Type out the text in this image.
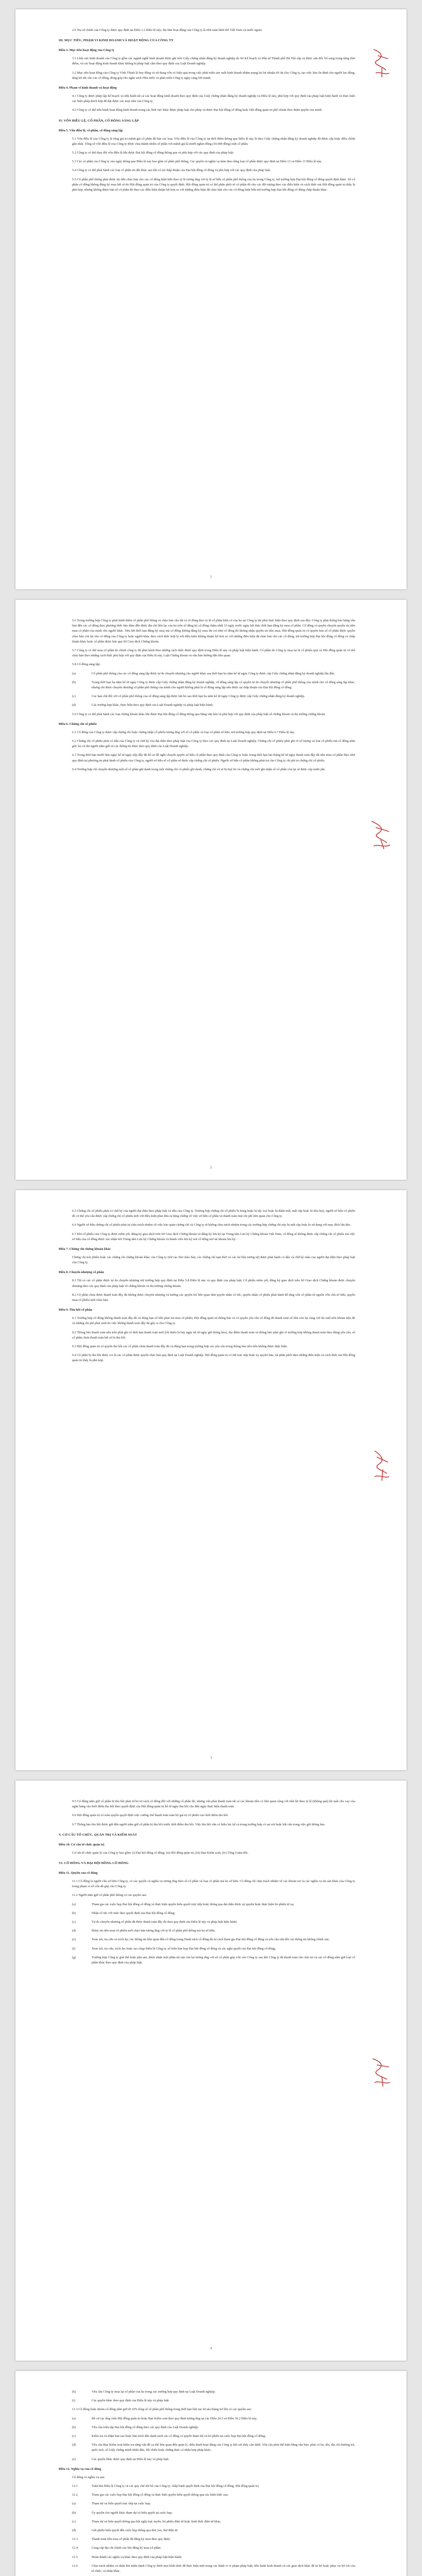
2.6 Trụ sở chính của Công ty được quy định tại Điều 1.2 Điều lệ này; địa bàn hoạt động của Công ty là trên toàn lãnh thổ Việt Nam và nước ngoài.

III. MỤC TIÊU, PHẠM VI KINH DOANH VÀ HOẠT ĐỘNG CỦA CÔNG TY
Điều 3. Mục tiêu hoạt động của Công ty

3.1 Lĩnh vực kinh doanh của Công ty gồm các ngành nghề kinh doanh được ghi trên Giấy chứng nhận đăng ký doanh nghiệp do Sở Kế hoạch và Đầu tư Thành phố Hà Nội cấp và được sửa đổi, bổ sung trong từng thời điểm, và các hoạt động kinh doanh khác không bị pháp luật cấm theo quy định của Luật Doanh nghiệp.

3.2 Mục tiêu hoạt động của Công ty Vĩnh Thịnh là huy động và sử dụng vốn có hiệu quả trong việc phát triển sản xuất kinh doanh nhằm mang lại lợi nhuận tối đa cho Công ty, tạo việc làm ổn định cho người lao động, tăng lợi tức cho các cổ đông, đóng góp cho ngân sách Nhà nước và phát triển Công ty ngày càng lớn mạnh.

Điều 4. Phạm vi kinh doanh và hoạt động

4.1 Công ty được phép lập kế hoạch và tiến hành tất cả các hoạt động kinh doanh theo quy định của Giấy chứng nhận đăng ký doanh nghiệp và Điều lệ này, phù hợp với quy định của pháp luật hiện hành và thực hiện các biện pháp thích hợp để đạt được các mục tiêu của Công ty.

4.2 Công ty có thể tiến hành hoạt động kinh doanh trong các lĩnh vực khác được pháp luật cho phép và được Đại hội đồng cổ đông hoặc Hội đồng quản trị phê chuẩn theo thẩm quyền của mình.

IV. VỐN ĐIỀU LỆ, CỔ PHẦN, CỔ ĐÔNG SÁNG LẬP
Điều 5. Vốn điều lệ, cổ phần, cổ đông sáng lập

5.1 Vốn điều lệ của Công ty là tổng giá trị mệnh giá cổ phần đã bán các loại. Vốn điều lệ của Công ty tại thời điểm thông qua Điều lệ này là theo Giấy chứng nhận đăng ký doanh nghiệp đã được cấp hoặc điều chỉnh gần nhất. Tổng số vốn điều lệ của Công ty được chia thành nhiều cổ phần với mệnh giá là mười nghìn đồng (10.000 đồng) một cổ phần.

5.2 Công ty có thể thay đổi vốn điều lệ khi được Đại hội đồng cổ đông thông qua và phù hợp với các quy định của pháp luật.

5.3 Các cổ phần của Công ty vào ngày thông qua Điều lệ này bao gồm cổ phần phổ thông. Các quyền và nghĩa vụ kèm theo từng loại cổ phần được quy định tại Điều 12 và Điều 13 Điều lệ này.

5.4 Công ty có thể phát hành các loại cổ phần ưu đãi khác sau khi có sự chấp thuận của Đại hội đồng cổ đông và phù hợp với các quy định của pháp luật.

5.5 Cổ phần phổ thông phải được ưu tiên chào bán cho các cổ đông hiện hữu theo tỷ lệ tương ứng với tỷ lệ sở hữu cổ phần phổ thông của họ trong Công ty, trừ trường hợp Đại hội đồng cổ đông quyết định khác. Số cổ phần cổ đông không đăng ký mua hết sẽ do Hội đồng quản trị của Công ty quyết định. Hội đồng quản trị có thể phân phối số cổ phần đó cho các đối tượng theo các điều kiện và cách thức mà Hội đồng quản trị thấy là phù hợp, nhưng không được bán số cổ phần đó theo các điều kiện thuận lợi hơn so với những điều kiện đã chào bán cho các cổ đông hiện hữu trừ trường hợp Đại hội đồng cổ đông chấp thuận khác.

1

5.6 Trong trường hợp Công ty phát hành thêm cổ phần phổ thông và chào bán cho tất cả cổ đông theo tỷ lệ cổ phần hiện có của họ tại Công ty thì phải thực hiện theo quy định sau đây: Công ty phải thông báo bằng văn bản đến các cổ đông theo phương thức bảo đảm đến được địa chỉ liên lạc của họ trên sổ đăng ký cổ đông chậm nhất 15 ngày trước ngày kết thúc thời hạn đăng ký mua cổ phần. Cổ đông có quyền chuyển quyền ưu tiên mua cổ phần của mình cho người khác. Nếu hết thời hạn đăng ký mua mà cổ đông không đăng ký mua thì coi như cổ đông đó không nhận quyền ưu tiên mua, Hội đồng quản trị có quyền bán số cổ phần được quyền chào bán còn lại cho cổ đông của Công ty hoặc người khác theo cách thức hợp lý với điều kiện không thuận lợi hơn so với những điều kiện đã chào bán cho các cổ đông, trừ trường hợp Đại hội đồng cổ đông có chấp thuận khác hoặc cổ phần được bán qua Sở Giao dịch Chứng khoán.

5.7 Công ty có thể mua cổ phần do chính công ty đã phát hành theo những cách thức được quy định trong Điều lệ này và pháp luật hiện hành. Cổ phần do Công ty mua lại là cổ phiếu quỹ và Hội đồng quản trị có thể chào bán theo những cách thức phù hợp với quy định của Điều lệ này, Luật Chứng khoán và văn bản hướng dẫn liên quan.

5.8 Cổ đông sáng lập:

(a)	Cổ phần phổ thông của các cổ đông sáng lập được tự do chuyển nhượng cho người khác sau thời hạn ba năm kể từ ngày Công ty được cấp Giấy chứng nhận đăng ký doanh nghiệp lần đầu.
(b)	Trong thời hạn ba năm kể từ ngày Công ty được cấp Giấy chứng nhận đăng ký doanh nghiệp, cổ đông sáng lập có quyền tự do chuyển nhượng cổ phần phổ thông của mình cho cổ đông sáng lập khác, nhưng chỉ được chuyển nhượng cổ phần phổ thông của mình cho người không phải là cổ đông sáng lập nếu được sự chấp thuận của Đại hội đồng cổ đông.
(c)	Các hạn chế đối với cổ phần phổ thông của cổ đông sáng lập được bãi bỏ sau thời hạn ba năm kể từ ngày Công ty được cấp Giấy chứng nhận đăng ký doanh nghiệp.
(d)	Các trường hợp khác, thực hiện theo quy định của Luật Doanh nghiệp và pháp luật hiện hành.

5.9 Công ty có thể phát hành các loại chứng khoán khác khi được Đại hội đồng cổ đông thông qua bằng văn bản và phù hợp với quy định của pháp luật về chứng khoán và thị trường chứng khoán.

Điều 6. Chứng chỉ cổ phiếu

6.1 Cổ đông của Công ty được cấp chứng chỉ hoặc chứng nhận cổ phiếu tương ứng với số cổ phần và loại cổ phần sở hữu, trừ trường hợp quy định tại Điều 6.7 Điều lệ này.

6.2 Chứng chỉ cổ phiếu phải có dấu của Công ty và chữ ký của đại diện theo pháp luật của Công ty theo các quy định tại Luật Doanh nghiệp. Chứng chỉ cổ phiếu phải ghi rõ số lượng và loại cổ phiếu mà cổ đông nắm giữ, họ và tên người nắm giữ và các thông tin khác theo quy định của Luật Doanh nghiệp.

6.3 Trong thời hạn mười lăm ngày kể từ ngày nộp đầy đủ hồ sơ đề nghị chuyển quyền sở hữu cổ phần theo quy định của Công ty hoặc trong thời hạn hai tháng kể từ ngày thanh toán đầy đủ tiền mua cổ phần theo như quy định tại phương án phát hành cổ phiếu của Công ty, người sở hữu số cổ phần sẽ được cấp chứng chỉ cổ phiếu. Người sở hữu cổ phần không phải trả cho Công ty chi phí in chứng chỉ cổ phiếu.

6.4 Trường hợp chỉ chuyển nhượng một số cổ phần ghi danh trong một chứng chỉ cổ phiếu ghi danh, chứng chỉ cũ sẽ bị huỷ bỏ và chứng chỉ mới ghi nhận số cổ phần còn lại sẽ được cấp miễn phí.

2

6.5 Chứng chỉ cổ phiếu phải có chữ ký của người đại diện theo pháp luật và dấu của Công ty. Trường hợp chứng chỉ cổ phiếu bị hỏng hoặc bị tẩy xoá hoặc bị đánh mất, mất cắp hoặc bị tiêu huỷ, người sở hữu cổ phiếu đó có thể yêu cầu được cấp chứng chỉ cổ phiếu mới với điều kiện phải đưa ra bằng chứng về việc sở hữu cổ phần và thanh toán mọi chi phí liên quan cho Công ty.

6.6 Người sở hữu chứng chỉ cổ phiếu phải tự chịu trách nhiệm về việc bảo quản chứng chỉ và Công ty sẽ không chịu trách nhiệm trong các trường hợp chứng chỉ này bị mất cắp hoặc bị sử dụng với mục đích lừa đảo.

6.7 Khi cổ phiếu của Công ty được niêm yết, đăng ký giao dịch trên Sở Giao dịch Chứng khoán và đăng ký lưu ký tại Trung tâm Lưu ký Chứng khoán Việt Nam, cổ đông sẽ không được cấp chứng chỉ cổ phiếu mà việc sở hữu của cổ đông được xác nhận bởi Trung tâm Lưu ký Chứng khoán và thành viên lưu ký nơi cổ đông mở tài khoản lưu ký.

Điều 7. Chứng chỉ chứng khoán khác

Chứng chỉ trái phiếu hoặc các chứng chỉ chứng khoán khác của Công ty (trừ các thư chào bán, các chứng chỉ tạm thời và các tài liệu tương tự) được phát hành có dấu và chữ ký mẫu của người đại diện theo pháp luật của Công ty.

Điều 8. Chuyển nhượng cổ phần

8.1 Tất cả các cổ phần được tự do chuyển nhượng trừ trường hợp quy định tại Điều 5.8 Điều lệ này và quy định của pháp luật. Cổ phiếu niêm yết, đăng ký giao dịch trên Sở Giao dịch Chứng khoán được chuyển nhượng theo các quy định của pháp luật về chứng khoán và thị trường chứng khoán.

8.2 Cổ phần chưa được thanh toán đầy đủ không được chuyển nhượng và hưởng các quyền lợi liên quan như quyền nhận cổ tức, quyền nhận cổ phiếu phát hành để tăng vốn cổ phần từ nguồn vốn chủ sở hữu, quyền mua cổ phiếu mới chào bán.

Điều 9. Thu hồi cổ phần

9.1 Trường hợp cổ đông không thanh toán đầy đủ và đúng hạn số tiền phải trả mua cổ phiếu, Hội đồng quản trị thông báo và có quyền yêu cầu cổ đông đó thanh toán số tiền còn lại cùng với lãi suất trên khoản tiền đó và những chi phí phát sinh do việc không thanh toán đầy đủ gây ra cho Công ty.

9.2 Thông báo thanh toán nêu trên phải ghi rõ thời hạn thanh toán mới (tối thiểu là bảy ngày kể từ ngày gửi thông báo), địa điểm thanh toán và thông báo phải ghi rõ trường hợp không thanh toán theo đúng yêu cầu, số cổ phần chưa thanh toán hết sẽ bị thu hồi.

9.3 Hội đồng quản trị có quyền thu hồi các cổ phần chưa thanh toán đầy đủ và đúng hạn trong trường hợp các yêu cầu trong thông báo nêu trên không được thực hiện.

9.4 Cổ phần bị thu hồi được coi là các cổ phần được quyền chào bán quy định tại Luật Doanh nghiệp. Hội đồng quản trị có thể trực tiếp hoặc ủy quyền bán, tái phân phối theo những điều kiện và cách thức mà Hội đồng quản trị thấy là phù hợp.

3

9.5 Cổ đông nắm giữ cổ phần bị thu hồi phải từ bỏ tư cách cổ đông đối với những cổ phần đó, nhưng vẫn phải thanh toán tất cả các khoản tiền có liên quan cộng với tiền lãi theo tỷ lệ (không quá) lãi suất cho vay của ngân hàng vào thời điểm thu hồi theo quyết định của Hội đồng quản trị kể từ ngày thu hồi cho đến ngày thực hiện thanh toán.

9.6 Hội đồng quản trị có toàn quyền quyết định việc cưỡng chế thanh toán toàn bộ giá trị cổ phiếu vào thời điểm thu hồi.

9.7 Thông báo thu hồi được gửi đến người nắm giữ cổ phần bị thu hồi trước thời điểm thu hồi. Việc thu hồi vẫn có hiệu lực kể cả trong trường hợp có sai sót hoặc bất cẩn trong việc gửi thông báo.

V. CƠ CẤU TỔ CHỨC, QUẢN TRỊ VÀ KIỂM SOÁT
Điều 10. Cơ cấu tổ chức quản trị

Cơ cấu tổ chức quản lý của Công ty bao gồm: (i) Đại hội đồng cổ đông; (ii) Hội đồng quản trị; (iii) Ban Kiểm soát; (iv) Tổng Giám đốc.

VI. CỔ ĐÔNG VÀ ĐẠI HỘI ĐỒNG CỔ ĐÔNG
Điều 11. Quyền của cổ đông

11.1 Cổ đông là người chủ sở hữu Công ty, có các quyền và nghĩa vụ tương ứng theo số cổ phần và loại cổ phần mà họ sở hữu. Cổ đông chỉ chịu trách nhiệm về các khoản nợ và các nghĩa vụ tài sản khác của Công ty trong phạm vi số vốn đã góp vào Công ty.

11.2 Người nắm giữ cổ phần phổ thông có các quyền sau:

(a)	Tham gia các cuộc họp Đại hội đồng cổ đông và thực hiện quyền biểu quyết trực tiếp hoặc thông qua đại diện được uỷ quyền hoặc thực hiện bỏ phiếu từ xa;
(b)	Nhận cổ tức với mức theo quyết định của Đại hội đồng cổ đông;
(c)	Tự do chuyển nhượng cổ phần đã được thanh toán đầy đủ theo quy định của Điều lệ này và pháp luật hiện hành;
(d)	Được ưu tiên mua cổ phiếu mới chào bán tương ứng với tỷ lệ cổ phần phổ thông mà họ sở hữu;
(e)	Xem xét, tra cứu và trích lục các thông tin liên quan đến cổ đông trong Danh sách cổ đông đủ tư cách tham gia Đại hội đồng cổ đông và yêu cầu sửa đổi các thông tin không chính xác;
(f)	Xem xét, tra cứu, trích lục hoặc sao chụp Điều lệ Công ty, sổ biên bản họp Đại hội đồng cổ đông và các nghị quyết của Đại hội đồng cổ đông;
(g)	Trường hợp Công ty giải thể hoặc phá sản, được nhận một phần tài sản còn lại tương ứng với số cổ phần góp vốn vào Công ty sau khi Công ty đã thanh toán cho chủ nợ và các cổ đông nắm giữ loại cổ phần khác theo quy định của pháp luật;
4
(h)	Yêu cầu Công ty mua lại cổ phần của họ trong các trường hợp quy định tại Luật Doanh nghiệp;
(i)	Các quyền khác theo quy định của Điều lệ này và pháp luật.

11.3 Cổ đông hoặc nhóm cổ đông nắm giữ từ 10% tổng số cổ phần phổ thông trong thời hạn liên tục từ sáu tháng trở lên có các quyền sau:

(a)	Đề cử các ứng viên Hội đồng quản trị hoặc Ban Kiểm soát theo quy định tương ứng tại các Điều 24.3 và Điều 36.2 Điều lệ này;
(b)	Yêu cầu triệu tập Đại hội đồng cổ đông theo các quy định của Luật Doanh nghiệp;
(c)	Kiểm tra và nhận bản sao hoặc bản trích dẫn danh sách các cổ đông có quyền tham dự và bỏ phiếu tại cuộc họp Đại hội đồng cổ đông;
(d)	Yêu cầu Ban Kiểm soát kiểm tra từng vấn đề cụ thể liên quan đến quản lý, điều hành hoạt động của Công ty khi xét thấy cần thiết. Yêu cầu phải thể hiện bằng văn bản; phải có họ, tên, địa chỉ thường trú, quốc tịch, số Giấy chứng minh nhân dân, Hộ chiếu hoặc chứng thực cá nhân hợp pháp khác;
(e)	Các quyền khác được quy định tại Điều lệ này và pháp luật.
Điều 12. Nghĩa vụ của cổ đông

Cổ đông có nghĩa vụ sau:

12.1	Tuân thủ Điều lệ Công ty và các quy chế nội bộ của Công ty; chấp hành quyết định của Đại hội đồng cổ đông, Hội đồng quản trị;
12.2	Tham gia các cuộc họp Đại hội đồng cổ đông và thực hiện quyền biểu quyết thông qua các hình thức sau:
(a)	Tham dự và biểu quyết trực tiếp tại cuộc họp;
(b)	Ủy quyền cho người khác tham dự và biểu quyết tại cuộc họp;
(c)	Tham dự và biểu quyết thông qua hội nghị trực tuyến, bỏ phiếu điện tử hoặc hình thức điện tử khác;
(d)	Gửi phiếu biểu quyết đến cuộc họp thông qua thư, fax, thư điện tử.
12.3	Thanh toán tiền mua cổ phần đã đăng ký mua theo quy định;
12.4	Cung cấp địa chỉ chính xác khi đăng ký mua cổ phần;
12.5	Hoàn thành các nghĩa vụ khác theo quy định của pháp luật hiện hành;
12.6	Chịu trách nhiệm cá nhân khi nhân danh Công ty dưới mọi hình thức để thực hiện một trong các hành vi vi phạm pháp luật; tiến hành kinh doanh và các giao dịch khác để tư lợi hoặc phục vụ lợi ích của tổ chức, cá nhân khác.
